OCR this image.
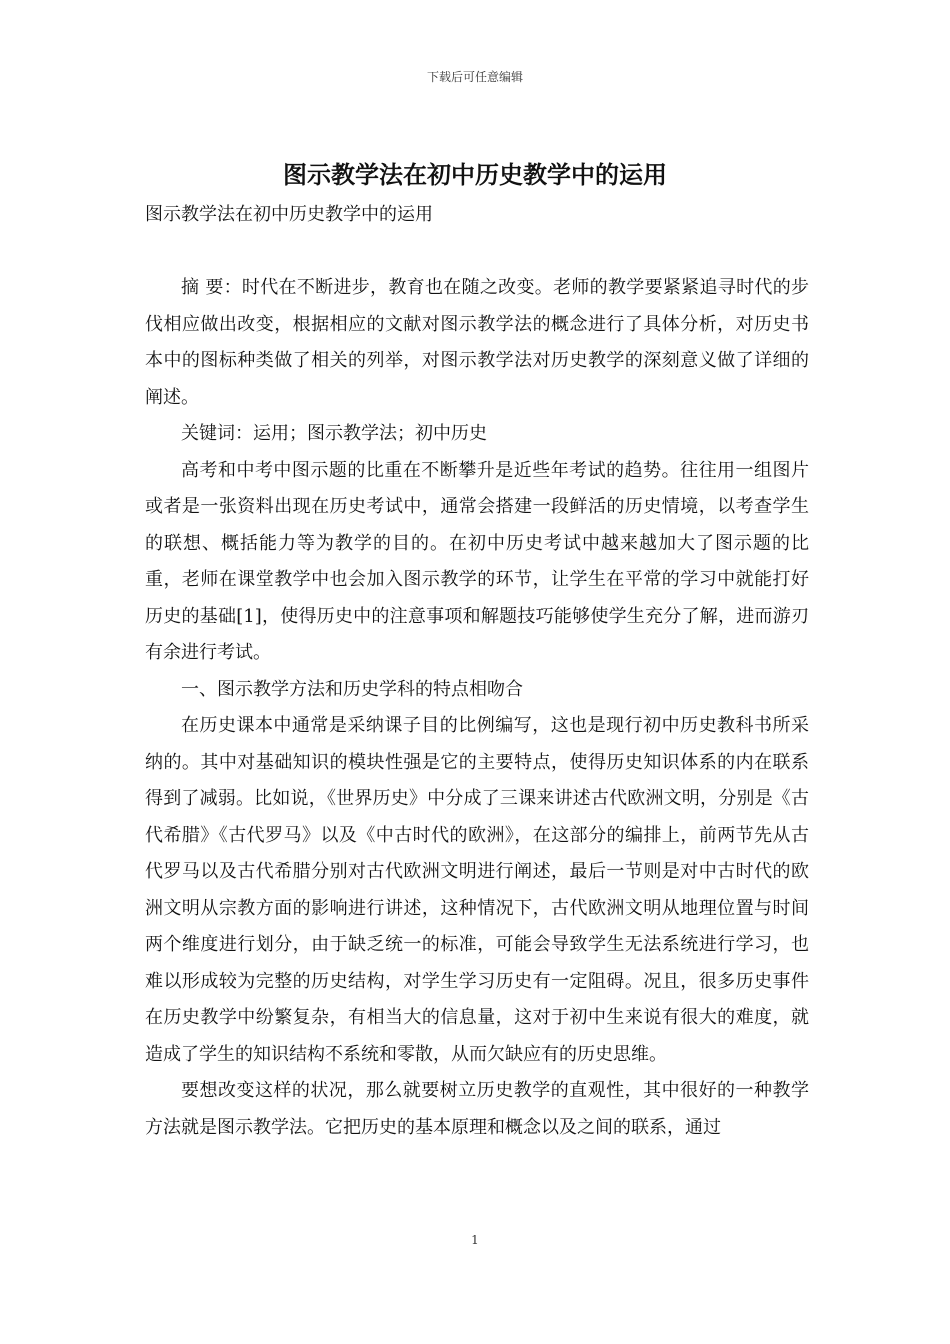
下载后可任意编辑
图示教学法在初中历史教学中的运用
图示教学法在初中历史教学中的运用

摘 要：时代在不断进步，教育也在随之改变。老师的教学要紧紧追寻时代的步伐相应做出改变，根据相应的文献对图示教学法的概念进行了具体分析，对历史书本中的图标种类做了相关的列举，对图示教学法对历史教学的深刻意义做了详细的阐述。

关键词：运用；图示教学法；初中历史

高考和中考中图示题的比重在不断攀升是近些年考试的趋势。往往用一组图片或者是一张资料出现在历史考试中，通常会搭建一段鲜活的历史情境，以考查学生的联想、概括能力等为教学的目的。在初中历史考试中越来越加大了图示题的比重，老师在课堂教学中也会加入图示教学的环节，让学生在平常的学习中就能打好历史的基础[1]，使得历史中的注意事项和解题技巧能够使学生充分了解，进而游刃有余进行考试。

一、图示教学方法和历史学科的特点相吻合

在历史课本中通常是采纳课子目的比例编写，这也是现行初中历史教科书所采纳的。其中对基础知识的模块性强是它的主要特点，使得历史知识体系的内在联系得到了减弱。比如说，《世界历史》中分成了三课来讲述古代欧洲文明，分别是《古代希腊》《古代罗马》以及《中古时代的欧洲》，在这部分的编排上，前两节先从古代罗马以及古代希腊分别对古代欧洲文明进行阐述，最后一节则是对中古时代的欧洲文明从宗教方面的影响进行讲述，这种情况下，古代欧洲文明从地理位置与时间两个维度进行划分，由于缺乏统一的标准，可能会导致学生无法系统进行学习，也难以形成较为完整的历史结构，对学生学习历史有一定阻碍。况且，很多历史事件在历史教学中纷繁复杂，有相当大的信息量，这对于初中生来说有很大的难度，就造成了学生的知识结构不系统和零散，从而欠缺应有的历史思维。

要想改变这样的状况，那么就要树立历史教学的直观性，其中很好的一种教学方法就是图示教学法。它把历史的基本原理和概念以及之间的联系，通过

1
